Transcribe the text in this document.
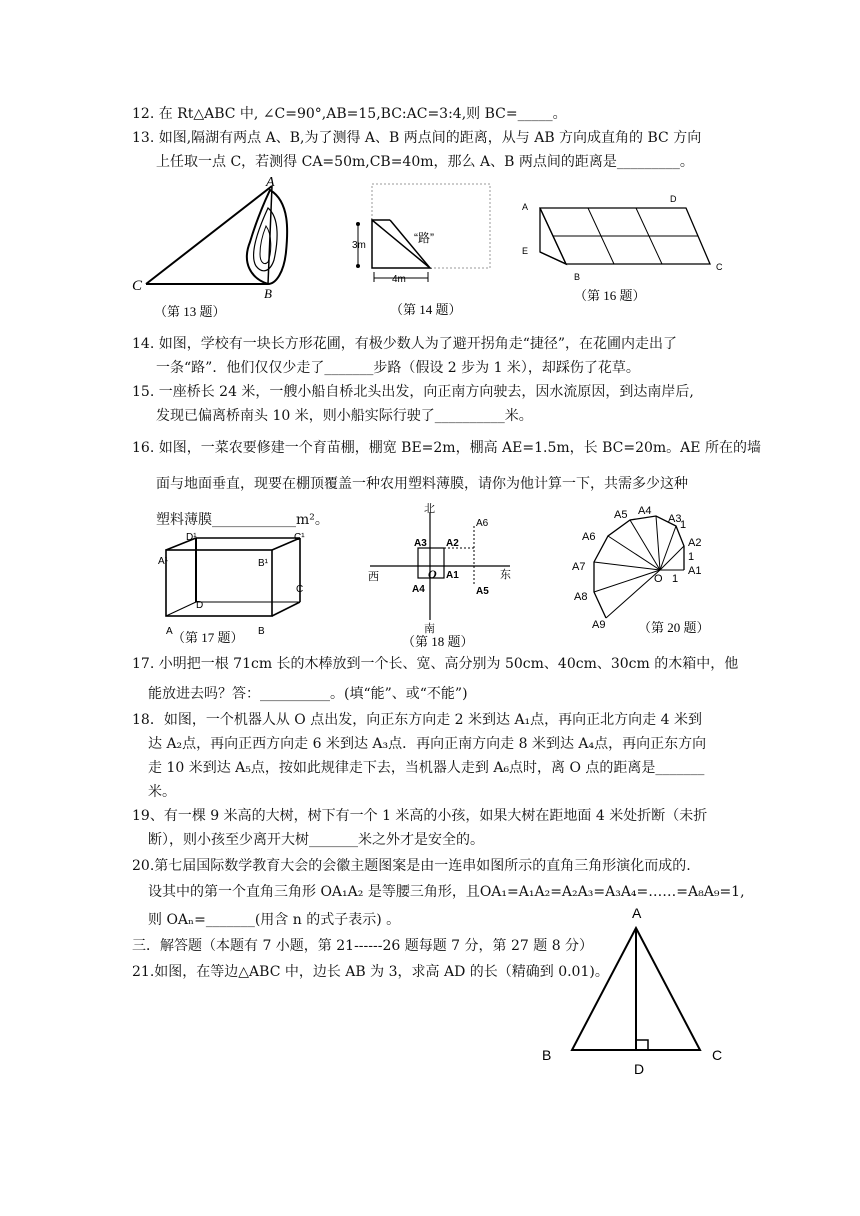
12. 在 Rt△ABC 中, ∠C=90°,AB=15,BC:AC=3:4,则 BC=_____。
13. 如图,隔湖有两点 A、B,为了测得 A、B 两点间的距离，从与 AB 方向成直角的 BC 方向
上任取一点 C，若测得 CA=50m,CB=40m，那么 A、B 两点间的距离是_________。
A
B
C
（第 13 题）
3m
4m
“路”
（第 14 题）
A
D
E
B
C
（第 16 题）
14. 如图，学校有一块长方形花圃，有极少数人为了避开拐角走“捷径”，在花圃内走出了
一条“路”．他们仅仅少走了_______步路（假设 2 步为 1 米），却踩伤了花草。
15. 一座桥长 24 米，一艘小船自桥北头出发，向正南方向驶去，因水流原因，到达南岸后,
发现已偏离桥南头 10 米，则小船实际行驶了__________米。
16. 如图，一菜农要修建一个育苗棚，棚宽 BE=2m，棚高 AE=1.5m，长 BC=20m。AE 所在的墙
面与地面垂直，现要在棚顶覆盖一种农用塑料薄膜，请你为他计算一下，共需多少这种
塑料薄膜____________m²。
D¹	C¹
A¹	B¹
C
D
A	B
（第 17 题）
北
南
西	东
A6
A3 A2
O A1
A4	A5
（第 18 题）
A1
A2
A3
A4
A5
A6
A7
A8
A9
O 1
1
1
（第 20 题）
17. 小明把一根 71cm 长的木棒放到一个长、宽、高分别为 50cm、40cm、30cm 的木箱中，他
能放进去吗？答：__________。(填“能”、或“不能”)
18．如图，一个机器人从 O 点出发，向正东方向走 2 米到达 A₁点，再向正北方向走 4 米到
达 A₂点，再向正西方向走 6 米到达 A₃点．再向正南方向走 8 米到达 A₄点，再向正东方向
走 10 米到达 A₅点，按如此规律走下去，当机器人走到 A₆点时，离 O 点的距离是_______
米。
19、有一棵 9 米高的大树，树下有一个 1 米高的小孩，如果大树在距地面 4 米处折断（未折
断），则小孩至少离开大树_______米之外才是安全的。
20.第七届国际数学教育大会的会徽主题图案是由一连串如图所示的直角三角形演化而成的.
设其中的第一个直角三角形 OA₁A₂ 是等腰三角形，且OA₁=A₁A₂=A₂A₃=A₃A₄=……=A₈A₉=1,
则 OAₙ=_______(用含 n 的式子表示) 。
三．解答题（本题有 7 小题，第 21------26 题每题 7 分，第 27 题 8 分）
21.如图，在等边△ABC 中，边长 AB 为 3，求高 AD 的长（精确到 0.01)。
A
B	C
D
